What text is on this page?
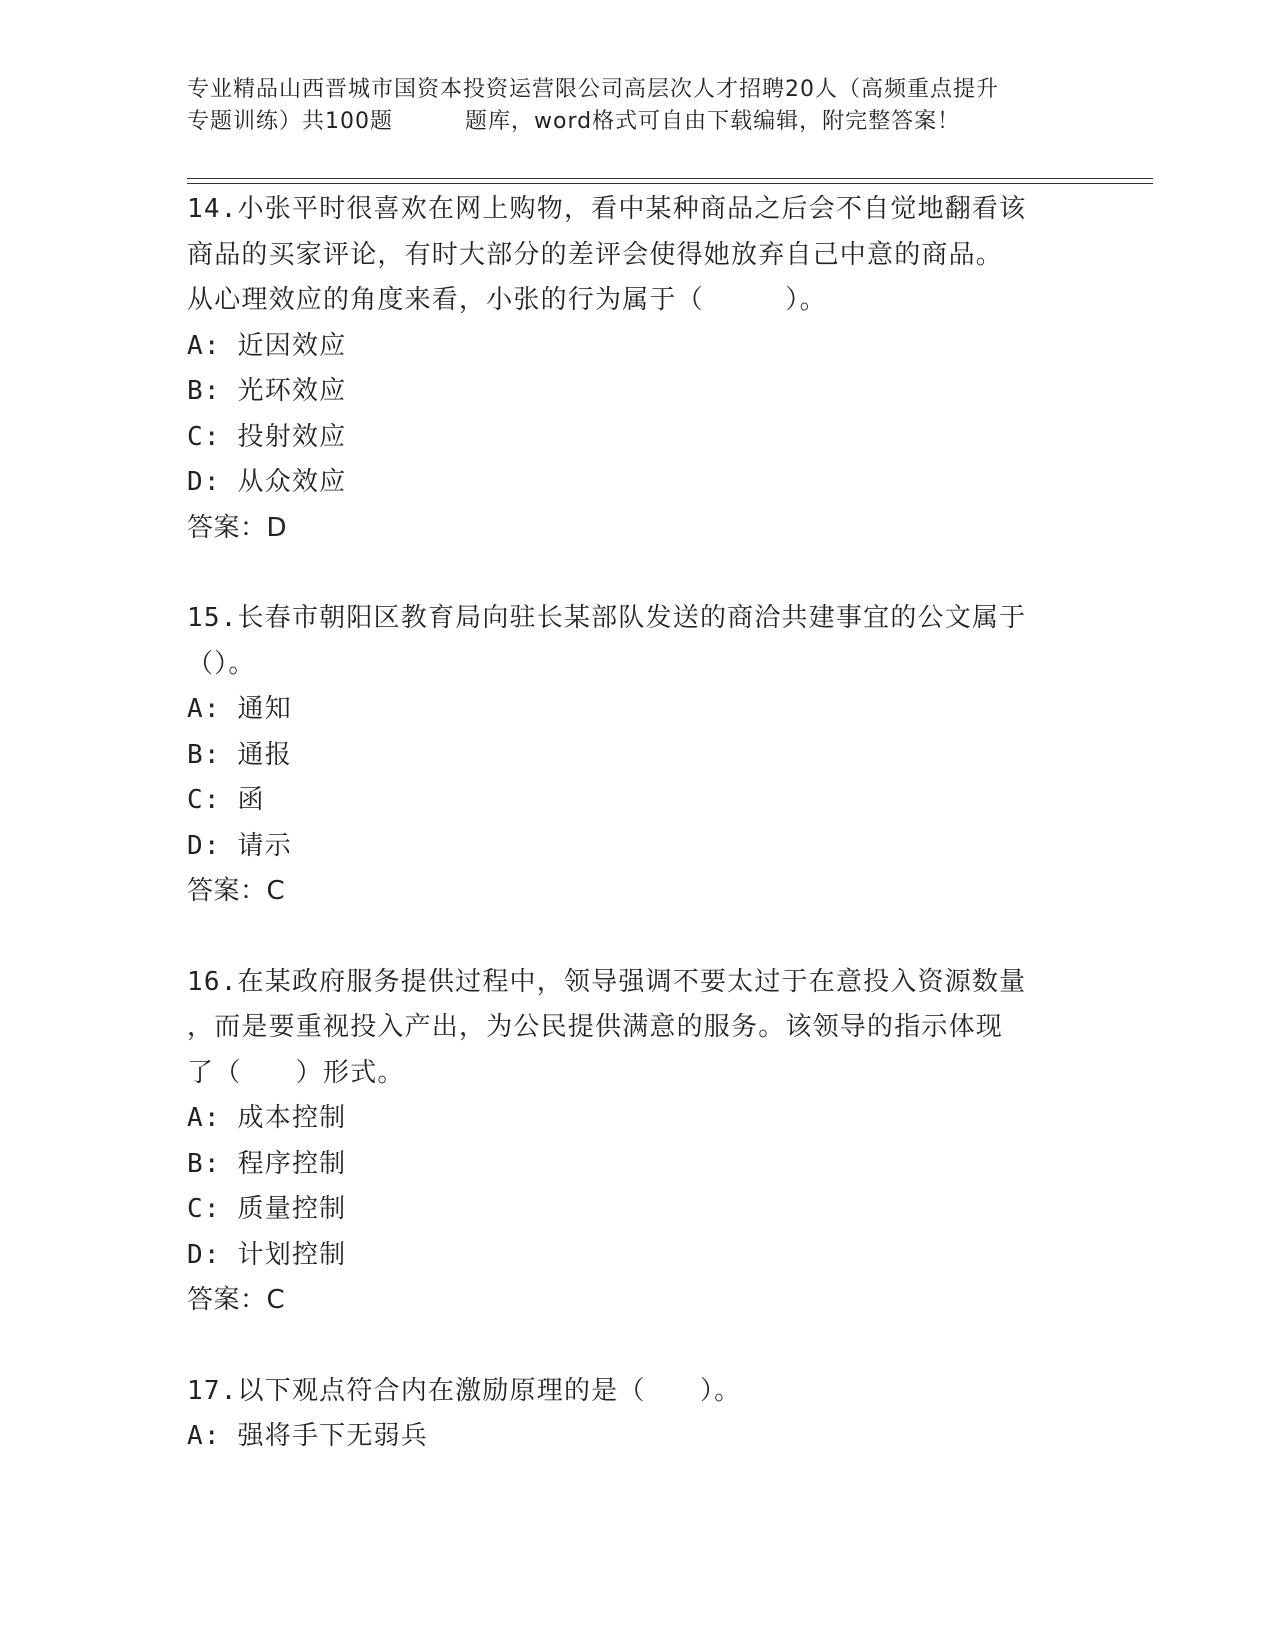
专业精品山西晋城市国资本投资运营限公司高层次人才招聘20人（高频重点提升
专题训练）共100题	题库，word格式可自由下载编辑，附完整答案！
14.小张平时很喜欢在网上购物，看中某种商品之后会不自觉地翻看该
商品的买家评论，有时大部分的差评会使得她放弃自己中意的商品。
从心理效应的角度来看，小张的行为属于（　　　）。
A: 近因效应
B: 光环效应
C: 投射效应
D: 从众效应
答案：D
15.长春市朝阳区教育局向驻长某部队发送的商洽共建事宜的公文属于
（）。
A: 通知
B: 通报
C: 函
D: 请示
答案：C
16.在某政府服务提供过程中，领导强调不要太过于在意投入资源数量
，而是要重视投入产出，为公民提供满意的服务。该领导的指示体现
了（　　）形式。
A: 成本控制
B: 程序控制
C: 质量控制
D: 计划控制
答案：C
17.以下观点符合内在激励原理的是（　　）。
A: 强将手下无弱兵
